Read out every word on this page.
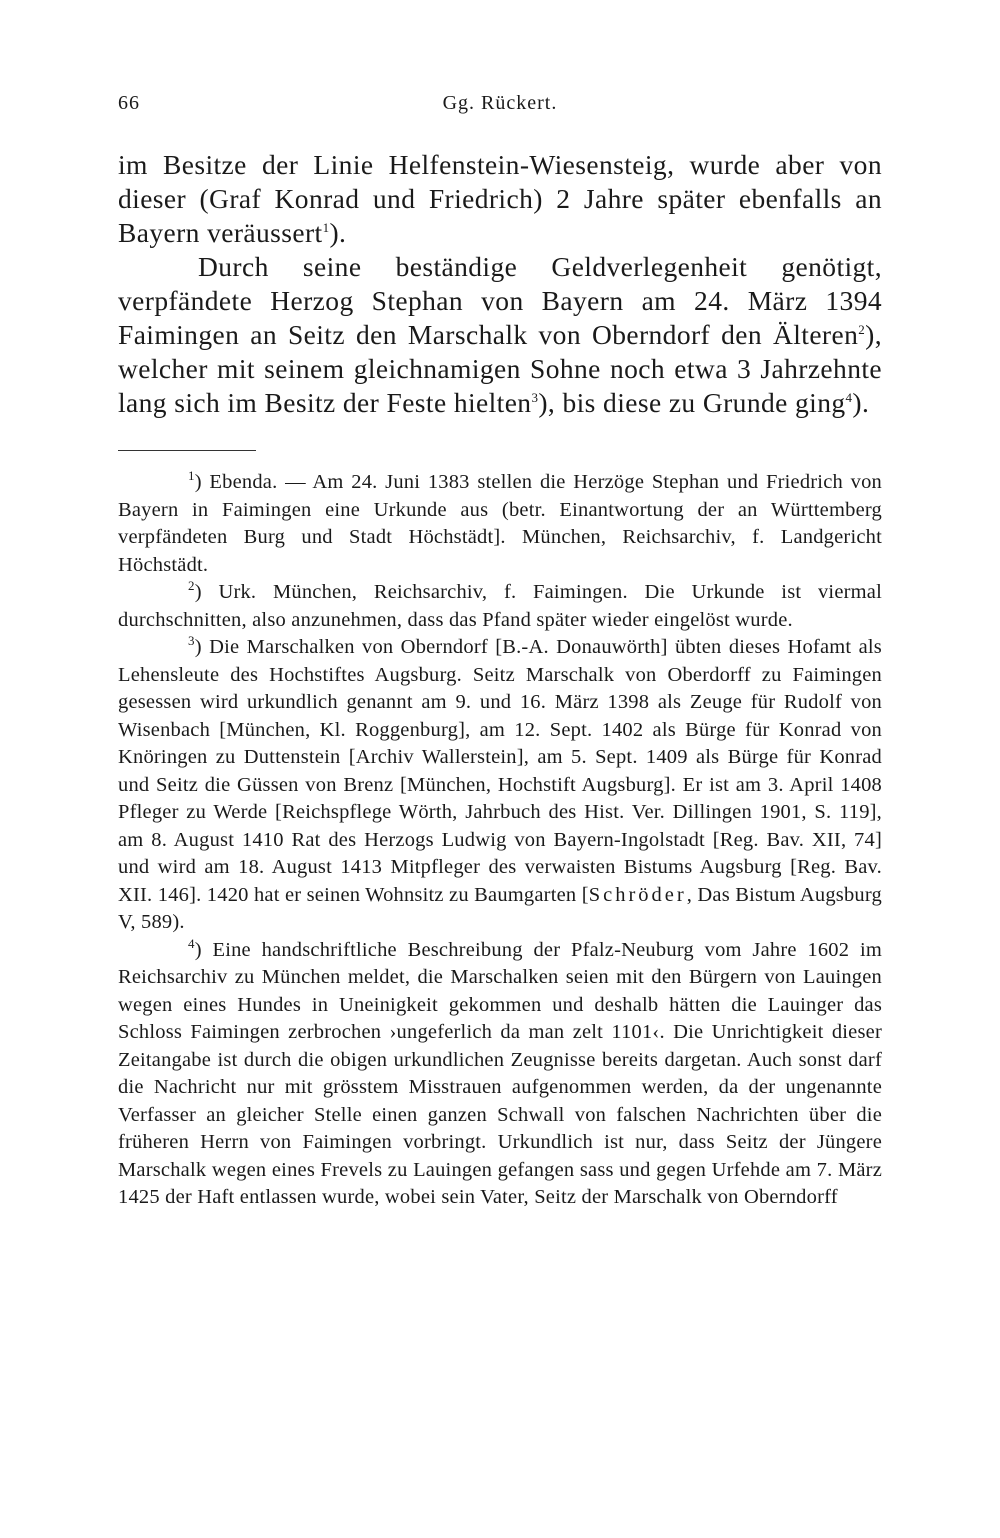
66	Gg. Rückert.

im Besitze der Linie Helfenstein-Wiesensteig, wurde aber von dieser (Graf Konrad und Friedrich) 2 Jahre später ebenfalls an Bayern veräussert$^1$).

Durch seine beständige Geldverlegenheit genötigt, verpfändete Herzog Stephan von Bayern am 24. März 1394 Faimingen an Seitz den Marschalk von Oberndorf den Älteren$^2$), welcher mit seinem gleichnamigen Sohne noch etwa 3 Jahrzehnte lang sich im Besitz der Feste hielten$^3$), bis diese zu Grunde ging$^4$).

$^1$) Ebenda. — Am 24. Juni 1383 stellen die Herzöge Stephan und Friedrich von Bayern in Faimingen eine Urkunde aus (betr. Einantwortung der an Württemberg verpfändeten Burg und Stadt Höchstädt]. München, Reichsarchiv, f. Landgericht Höchstädt.

$^2$) Urk. München, Reichsarchiv, f. Faimingen. Die Urkunde ist viermal durchschnitten, also anzunehmen, dass das Pfand später wieder eingelöst wurde.

$^3$) Die Marschalken von Oberndorf [B.-A. Donauwörth] übten dieses Hofamt als Lehensleute des Hochstiftes Augsburg. Seitz Marschalk von Oberdorff zu Faimingen gesessen wird urkundlich genannt am 9. und 16. März 1398 als Zeuge für Rudolf von Wisenbach [München, Kl. Roggenburg], am 12. Sept. 1402 als Bürge für Konrad von Knöringen zu Duttenstein [Archiv Wallerstein], am 5. Sept. 1409 als Bürge für Konrad und Seitz die Güssen von Brenz [München, Hochstift Augsburg]. Er ist am 3. April 1408 Pfleger zu Werde [Reichspflege Wörth, Jahrbuch des Hist. Ver. Dillingen 1901, S. 119], am 8. August 1410 Rat des Herzogs Ludwig von Bayern-Ingolstadt [Reg. Bav. XII, 74] und wird am 18. August 1413 Mitpfleger des verwaisten Bistums Augsburg [Reg. Bav. XII. 146]. 1420 hat er seinen Wohnsitz zu Baumgarten [Schröder, Das Bistum Augsburg V, 589).

$^4$) Eine handschriftliche Beschreibung der Pfalz-Neuburg vom Jahre 1602 im Reichsarchiv zu München meldet, die Marschalken seien mit den Bürgern von Lauingen wegen eines Hundes in Uneinigkeit gekommen und deshalb hätten die Lauinger das Schloss Faimingen zerbrochen ›ungeferlich da man zelt 1101‹. Die Unrichtigkeit dieser Zeitangabe ist durch die obigen urkundlichen Zeugnisse bereits dargetan. Auch sonst darf die Nachricht nur mit grösstem Misstrauen aufgenommen werden, da der ungenannte Verfasser an gleicher Stelle einen ganzen Schwall von falschen Nachrichten über die früheren Herrn von Faimingen vorbringt. Urkundlich ist nur, dass Seitz der Jüngere Marschalk wegen eines Frevels zu Lauingen gefangen sass und gegen Urfehde am 7. März 1425 der Haft entlassen wurde, wobei sein Vater, Seitz der Marschalk von Oberndorff
